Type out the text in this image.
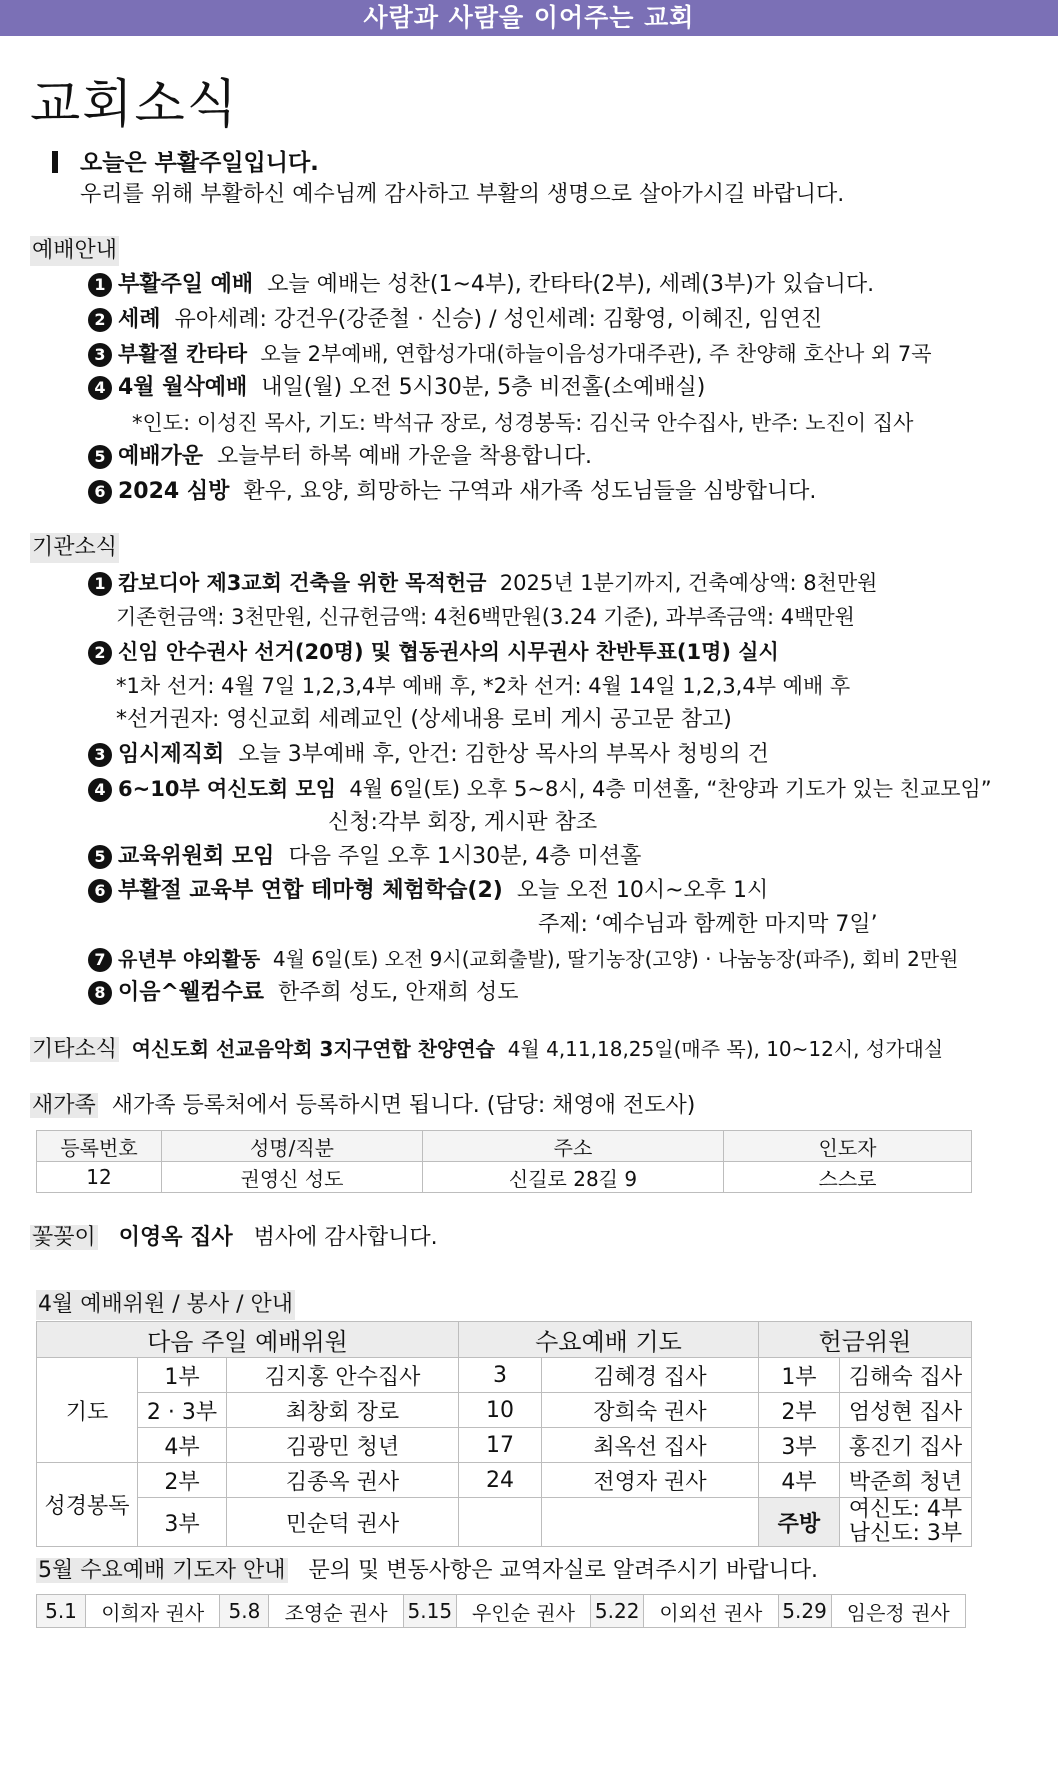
사람과 사람을 이어주는 교회
교회소식
오늘은 부활주일입니다.
우리를 위해 부활하신 예수님께 감사하고 부활의 생명으로 살아가시길 바랍니다.
예배안내
1 부활주일 예배 오늘 예배는 성찬(1~4부), 칸타타(2부), 세례(3부)가 있습니다.
2 세례 유아세례: 강건우(강준철 · 신승) / 성인세례: 김황영, 이혜진, 임연진
3 부활절 칸타타 오늘 2부예배, 연합성가대(하늘이음성가대주관), 주 찬양해 호산나 외 7곡
4 4월 월삭예배 내일(월) 오전 5시30분, 5층 비전홀(소예배실)
*인도: 이성진 목사, 기도: 박석규 장로, 성경봉독: 김신국 안수집사, 반주: 노진이 집사
5 예배가운 오늘부터 하복 예배 가운을 착용합니다.
6 2024 심방 환우, 요양, 희망하는 구역과 새가족 성도님들을 심방합니다.
기관소식
1 캄보디아 제3교회 건축을 위한 목적헌금 2025년 1분기까지, 건축예상액: 8천만원
기존헌금액: 3천만원, 신규헌금액: 4천6백만원(3.24 기준), 과부족금액: 4백만원
2 신임 안수권사 선거(20명) 및 협동권사의 시무권사 찬반투표(1명) 실시
*1차 선거: 4월 7일 1,2,3,4부 예배 후, *2차 선거: 4월 14일 1,2,3,4부 예배 후
*선거권자: 영신교회 세례교인 (상세내용 로비 게시 공고문 참고)
3 임시제직회 오늘 3부예배 후, 안건: 김한상 목사의 부목사 청빙의 건
4 6~10부 여신도회 모임 4월 6일(토) 오후 5~8시, 4층 미션홀, “찬양과 기도가 있는 친교모임”
신청:각부 회장, 게시판 참조
5 교육위원회 모임 다음 주일 오후 1시30분, 4층 미션홀
6 부활절 교육부 연합 테마형 체험학습(2) 오늘 오전 10시~오후 1시
주제: ‘예수님과 함께한 마지막 7일’
7 유년부 야외활동 4월 6일(토) 오전 9시(교회출발), 딸기농장(고양) · 나눔농장(파주), 회비 2만원
8 이음^웰컴수료 한주희 성도, 안재희 성도
기타소식 여신도회 선교음악회 3지구연합 찬양연습 4월 4,11,18,25일(매주 목), 10~12시, 성가대실
새가족 새가족 등록처에서 등록하시면 됩니다. (담당: 채영애 전도사)
등록번호	성명/직분	주소	인도자
12	권영신 성도	신길로 28길 9	스스로
꽃꽂이 이영옥 집사 범사에 감사합니다.
4월 예배위원 / 봉사 / 안내
다음 주일 예배위원			수요예배 기도		헌금위원	
기도	1부	김지홍 안수집사	3	김혜경 집사	1부	김해숙 집사
	2 · 3부	최창회 장로	10	장희숙 권사	2부	엄성현 집사
	4부	김광민 청년	17	최옥선 집사	3부	홍진기 집사
성경봉독	2부	김종옥 권사	24	전영자 권사	4부	박준희 청년
	3부	민순덕 권사			주방	여신도: 4부
남신도: 3부
5월 수요예배 기도자 안내 문의 및 변동사항은 교역자실로 알려주시기 바랍니다.
5.1	이희자 권사	5.8	조영순 권사	5.15	우인순 권사	5.22	이외선 권사	5.29	임은정 권사
